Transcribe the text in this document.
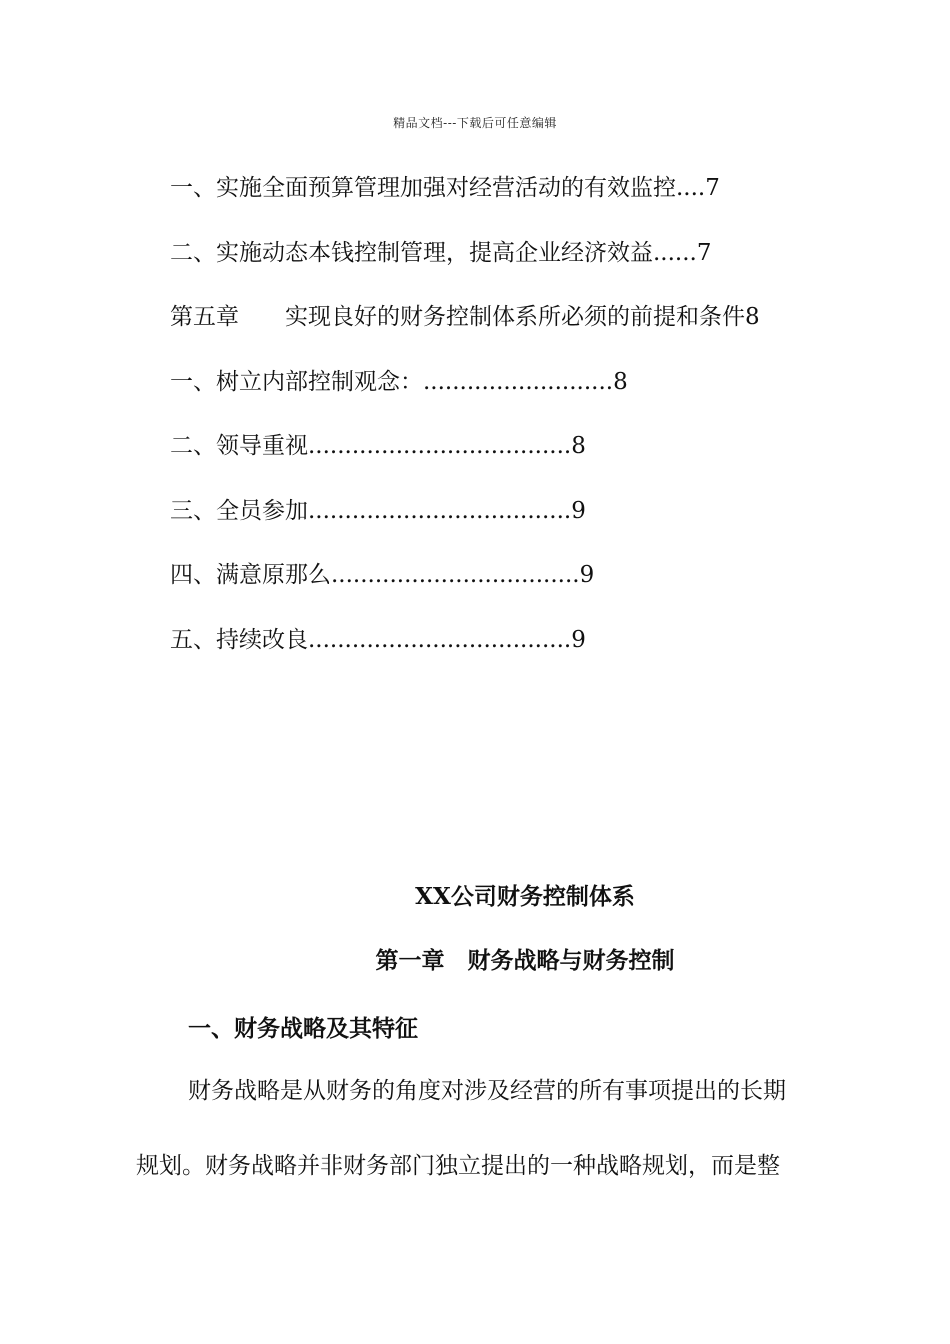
精品文档---下载后可任意编辑
一、实施全面预算管理加强对经营活动的有效监控....7
二、实施动态本钱控制管理，提高企业经济效益......7
第五章　　实现良好的财务控制体系所必须的前提和条件8
一、树立内部控制观念：..........................8
二、领导重视....................................8
三、全员参加....................................9
四、满意原那么..................................9
五、持续改良....................................9
XX公司财务控制体系
第一章　财务战略与财务控制
一、财务战略及其特征
财务战略是从财务的角度对涉及经营的所有事项提出的长期
规划。财务战略并非财务部门独立提出的一种战略规划，而是整
